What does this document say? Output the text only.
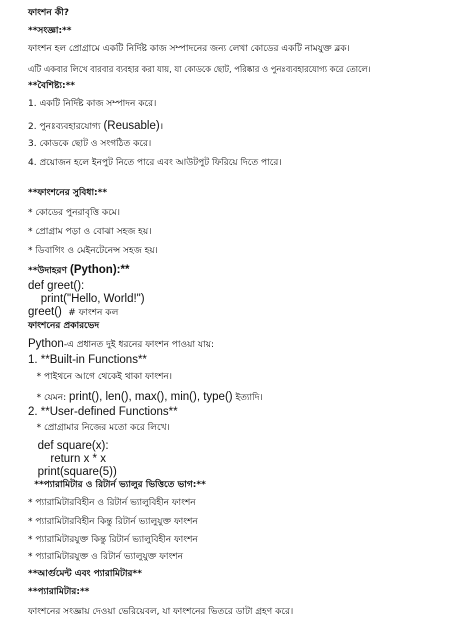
ফাংশন কী?
**সংজ্ঞা:**
ফাংশন হল প্রোগ্রামে একটি নির্দিষ্ট কাজ সম্পাদনের জন্য লেখা কোডের একটি নামযুক্ত ব্লক।
এটি একবার লিখে বারবার ব্যবহার করা যায়, যা কোডকে ছোট, পরিষ্কার ও পুনঃব্যবহারযোগ্য করে তোলে।
**বৈশিষ্ট্য:**
1. একটি নির্দিষ্ট কাজ সম্পাদন করে।
2. পুনঃব্যবহারযোগ্য (Reusable)।
3. কোডকে ছোট ও সংগঠিত করে।
4. প্রয়োজন হলে ইনপুট নিতে পারে এবং আউটপুট ফিরিয়ে দিতে পারে।
**ফাংশনের সুবিধা:**
* কোডের পুনরাবৃত্তি কমে।
* প্রোগ্রাম পড়া ও বোঝা সহজ হয়।
* ডিবাগিং ও মেইনটেনেন্স সহজ হয়।
**উদাহরণ (Python):**
def greet():
print("Hello, World!")
greet()  # ফাংশন কল
ফাংশনের প্রকারভেদ
Python-এ প্রধানত দুই ধরনের ফাংশন পাওয়া যায়:
1. **Built-in Functions**
* পাইথনে আগে থেকেই থাকা ফাংশন।
* যেমন: print(), len(), max(), min(), type() ইত্যাদি।
2. **User-defined Functions**
* প্রোগ্রামার নিজের মতো করে লিখে।
def square(x):
return x * x
print(square(5))
**প্যারামিটার ও রিটার্ন ভ্যালুর ভিত্তিতে ভাগ:**
* প্যারামিটারবিহীন ও রিটার্ন ভ্যালুবিহীন ফাংশন
* প্যারামিটারবিহীন কিন্তু রিটার্ন ভ্যালুযুক্ত ফাংশন
* প্যারামিটারযুক্ত কিন্তু রিটার্ন ভ্যালুবিহীন ফাংশন
* প্যারামিটারযুক্ত ও রিটার্ন ভ্যালুযুক্ত ফাংশন
**আর্গুমেন্ট এবং প্যারামিটার**
**প্যারামিটার:**
ফাংশনের সংজ্ঞায় দেওয়া ভেরিয়েবল, যা ফাংশনের ভিতরে ডাটা গ্রহণ করে।
